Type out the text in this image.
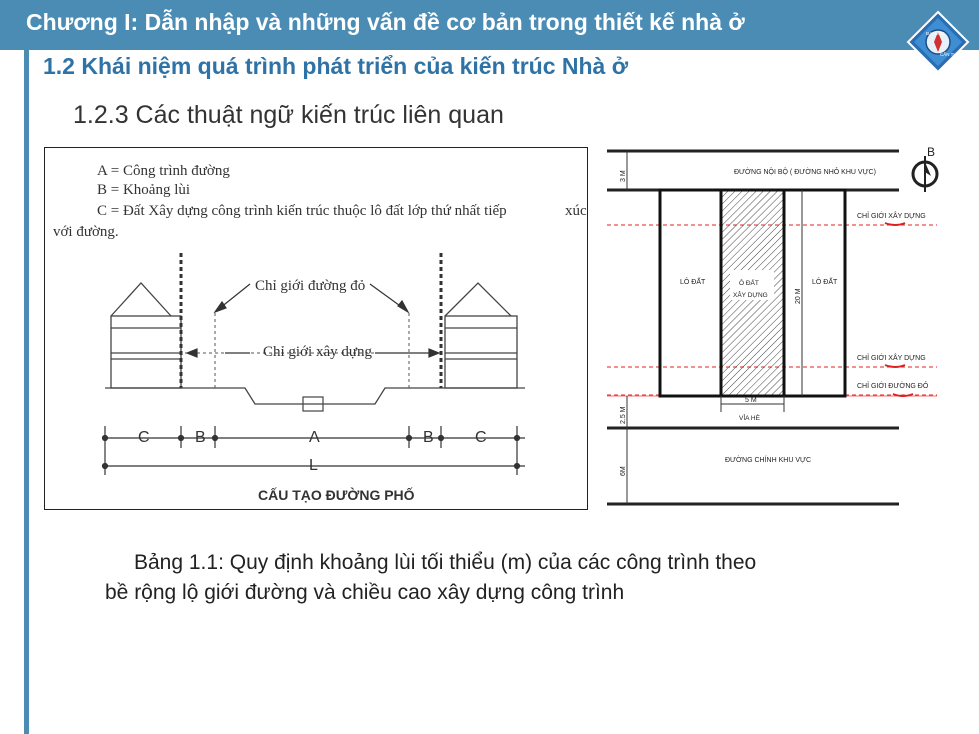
Chương I: Dẫn nhập và những vấn đề cơ bản trong thiết kế nhà ở	ĐẠI HỌC
CẦN THƠ
1.2 Khái niệm quá trình phát triển của kiến trúc Nhà ở
1.2.3 Các thuật ngữ kiến trúc liên quan
A = Công trình đường
B = Khoảng lùi
C = Đất Xây dựng công trình kiến trúc thuộc lô đất lớp thứ nhất tiếp	xúc
với đường.
Chỉ giới đường đỏ
Chỉ giới xây dựng
C	B	A	B	C
L
CẤU TẠO ĐƯỜNG PHỐ
B
ĐƯỜNG NỘI BỘ ( ĐƯỜNG NHỎ KHU VỰC)
3 M
CHỈ GIỚI XÂY DỰNG
CHỈ GIỚI XÂY DỰNG
CHỈ GIỚI ĐƯỜNG ĐỎ
LÔ ĐẤT	LÔ ĐẤT
Ô ĐẤT
XÂY DỰNG	20 M
5 M
VỈA HÈ
2.5 M
6M
ĐƯỜNG CHÍNH KHU VỰC
Bảng 1.1: Quy định khoảng lùi tối thiểu (m) của các công trình theo
bề rộng lộ giới đường và chiều cao xây dựng công trình
